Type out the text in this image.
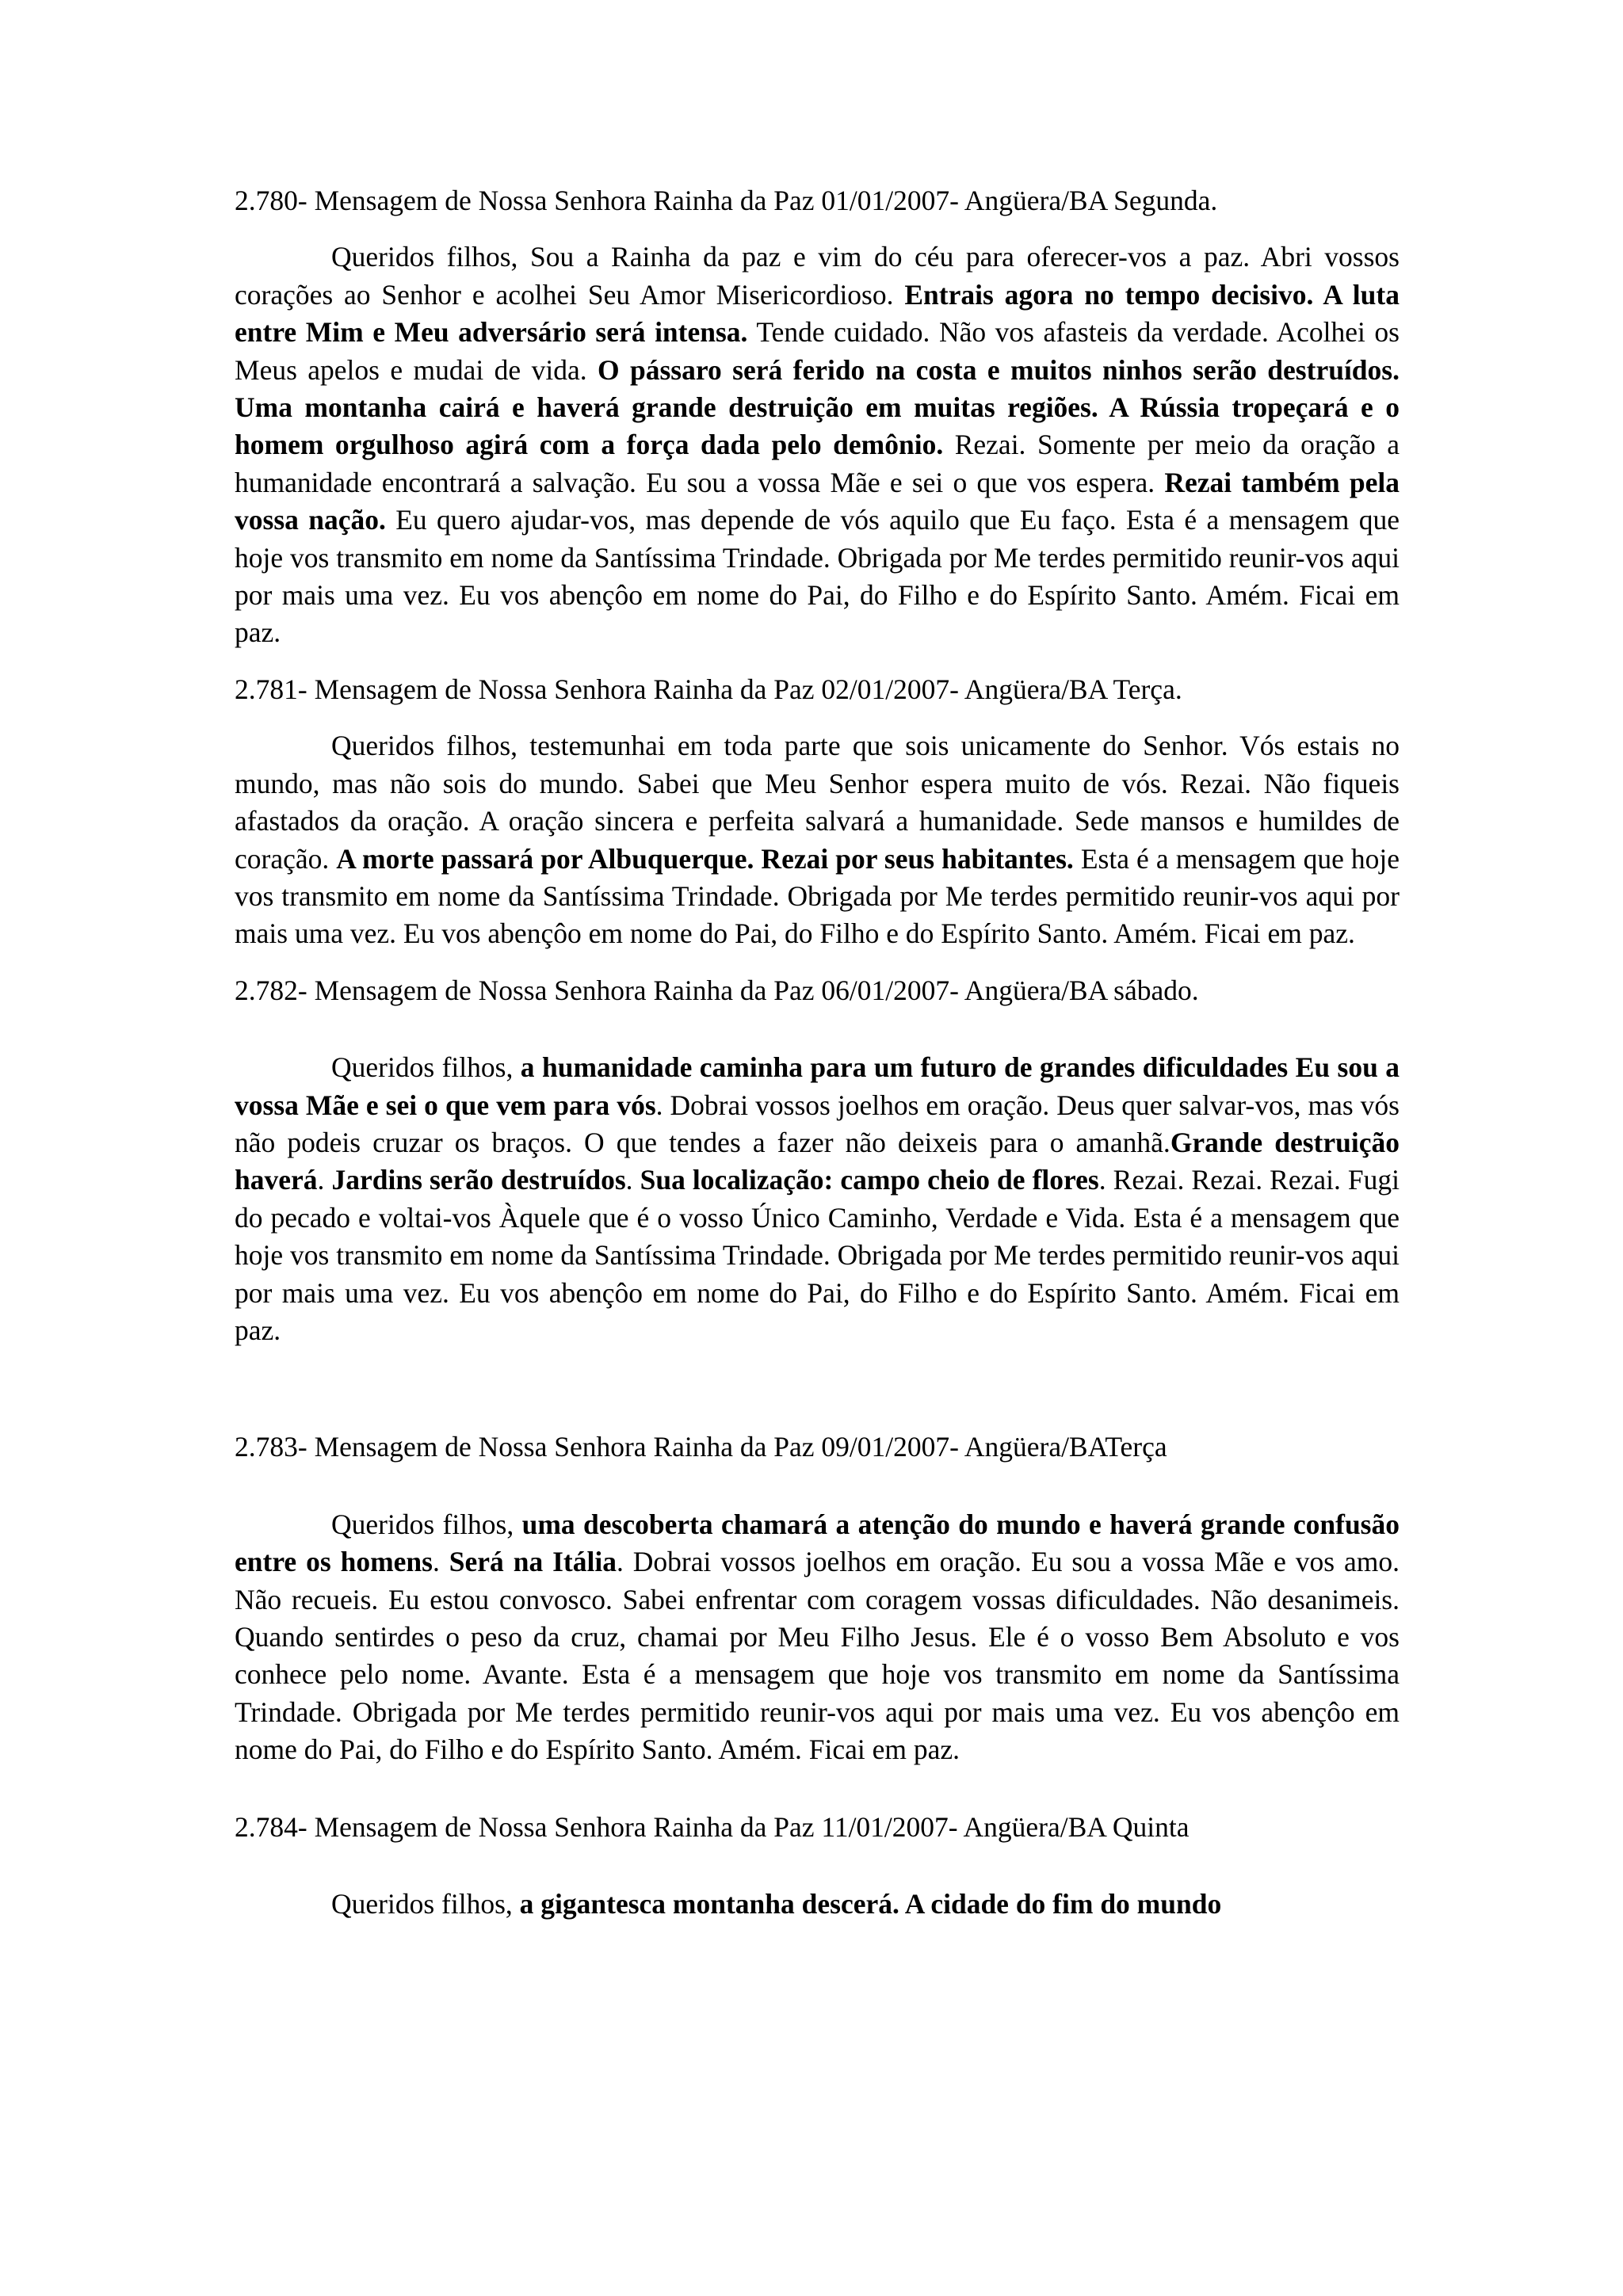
2.780- Mensagem de Nossa Senhora Rainha da Paz 01/01/2007- Angüera/BA Segunda.
Queridos filhos, Sou a Rainha da paz e vim do céu para oferecer-vos a paz. Abri vossos corações ao Senhor e acolhei Seu Amor Misericordioso. Entrais agora no tempo decisivo. A luta entre Mim e Meu adversário será intensa. Tende cuidado. Não vos afasteis da verdade. Acolhei os Meus apelos e mudai de vida. O pássaro será ferido na costa e muitos ninhos serão destruídos. Uma montanha cairá e haverá grande destruição em muitas regiões. A Rússia tropeçará e o homem orgulhoso agirá com a força dada pelo demônio. Rezai. Somente per meio da oração a humanidade encontrará a salvação. Eu sou a vossa Mãe e sei o que vos espera. Rezai também pela vossa nação. Eu quero ajudar-vos, mas depende de vós aquilo que Eu faço. Esta é a mensagem que hoje vos transmito em nome da Santíssima Trindade. Obrigada por Me terdes permitido reunir-vos aqui por mais uma vez. Eu vos abençôo em nome do Pai, do Filho e do Espírito Santo. Amém. Ficai em paz.
2.781- Mensagem de Nossa Senhora Rainha da Paz 02/01/2007- Angüera/BA Terça.
Queridos filhos, testemunhai em toda parte que sois unicamente do Senhor. Vós estais no mundo, mas não sois do mundo. Sabei que Meu Senhor espera muito de vós. Rezai. Não fiqueis afastados da oração. A oração sincera e perfeita salvará a humanidade. Sede mansos e humildes de coração. A morte passará por Albuquerque. Rezai por seus habitantes. Esta é a mensagem que hoje vos transmito em nome da Santíssima Trindade. Obrigada por Me terdes permitido reunir-vos aqui por mais uma vez. Eu vos abençôo em nome do Pai, do Filho e do Espírito Santo. Amém. Ficai em paz.
2.782- Mensagem de Nossa Senhora Rainha da Paz 06/01/2007- Angüera/BA sábado.
Queridos filhos, a humanidade caminha para um futuro de grandes dificuldades Eu sou a vossa Mãe e sei o que vem para vós. Dobrai vossos joelhos em oração. Deus quer salvar-vos, mas vós não podeis cruzar os braços. O que tendes a fazer não deixeis para o amanhã.Grande destruição haverá. Jardins serão destruídos. Sua localização: campo cheio de flores. Rezai. Rezai. Rezai. Fugi do pecado e voltai-vos Àquele que é o vosso Único Caminho, Verdade e Vida. Esta é a mensagem que hoje vos transmito em nome da Santíssima Trindade. Obrigada por Me terdes permitido reunir-vos aqui por mais uma vez. Eu vos abençôo em nome do Pai, do Filho e do Espírito Santo. Amém. Ficai em paz.
2.783- Mensagem de Nossa Senhora Rainha da Paz 09/01/2007- Angüera/BATerça
Queridos filhos, uma descoberta chamará a atenção do mundo e haverá grande confusão entre os homens. Será na Itália. Dobrai vossos joelhos em oração. Eu sou a vossa Mãe e vos amo. Não recueis. Eu estou convosco. Sabei enfrentar com coragem vossas dificuldades. Não desanimeis. Quando sentirdes o peso da cruz, chamai por Meu Filho Jesus. Ele é o vosso Bem Absoluto e vos conhece pelo nome. Avante. Esta é a mensagem que hoje vos transmito em nome da Santíssima Trindade. Obrigada por Me terdes permitido reunir-vos aqui por mais uma vez. Eu vos abençôo em nome do Pai, do Filho e do Espírito Santo. Amém. Ficai em paz.
2.784- Mensagem de Nossa Senhora Rainha da Paz 11/01/2007- Angüera/BA Quinta
Queridos filhos, a gigantesca montanha descerá. A cidade do fim do mundo
